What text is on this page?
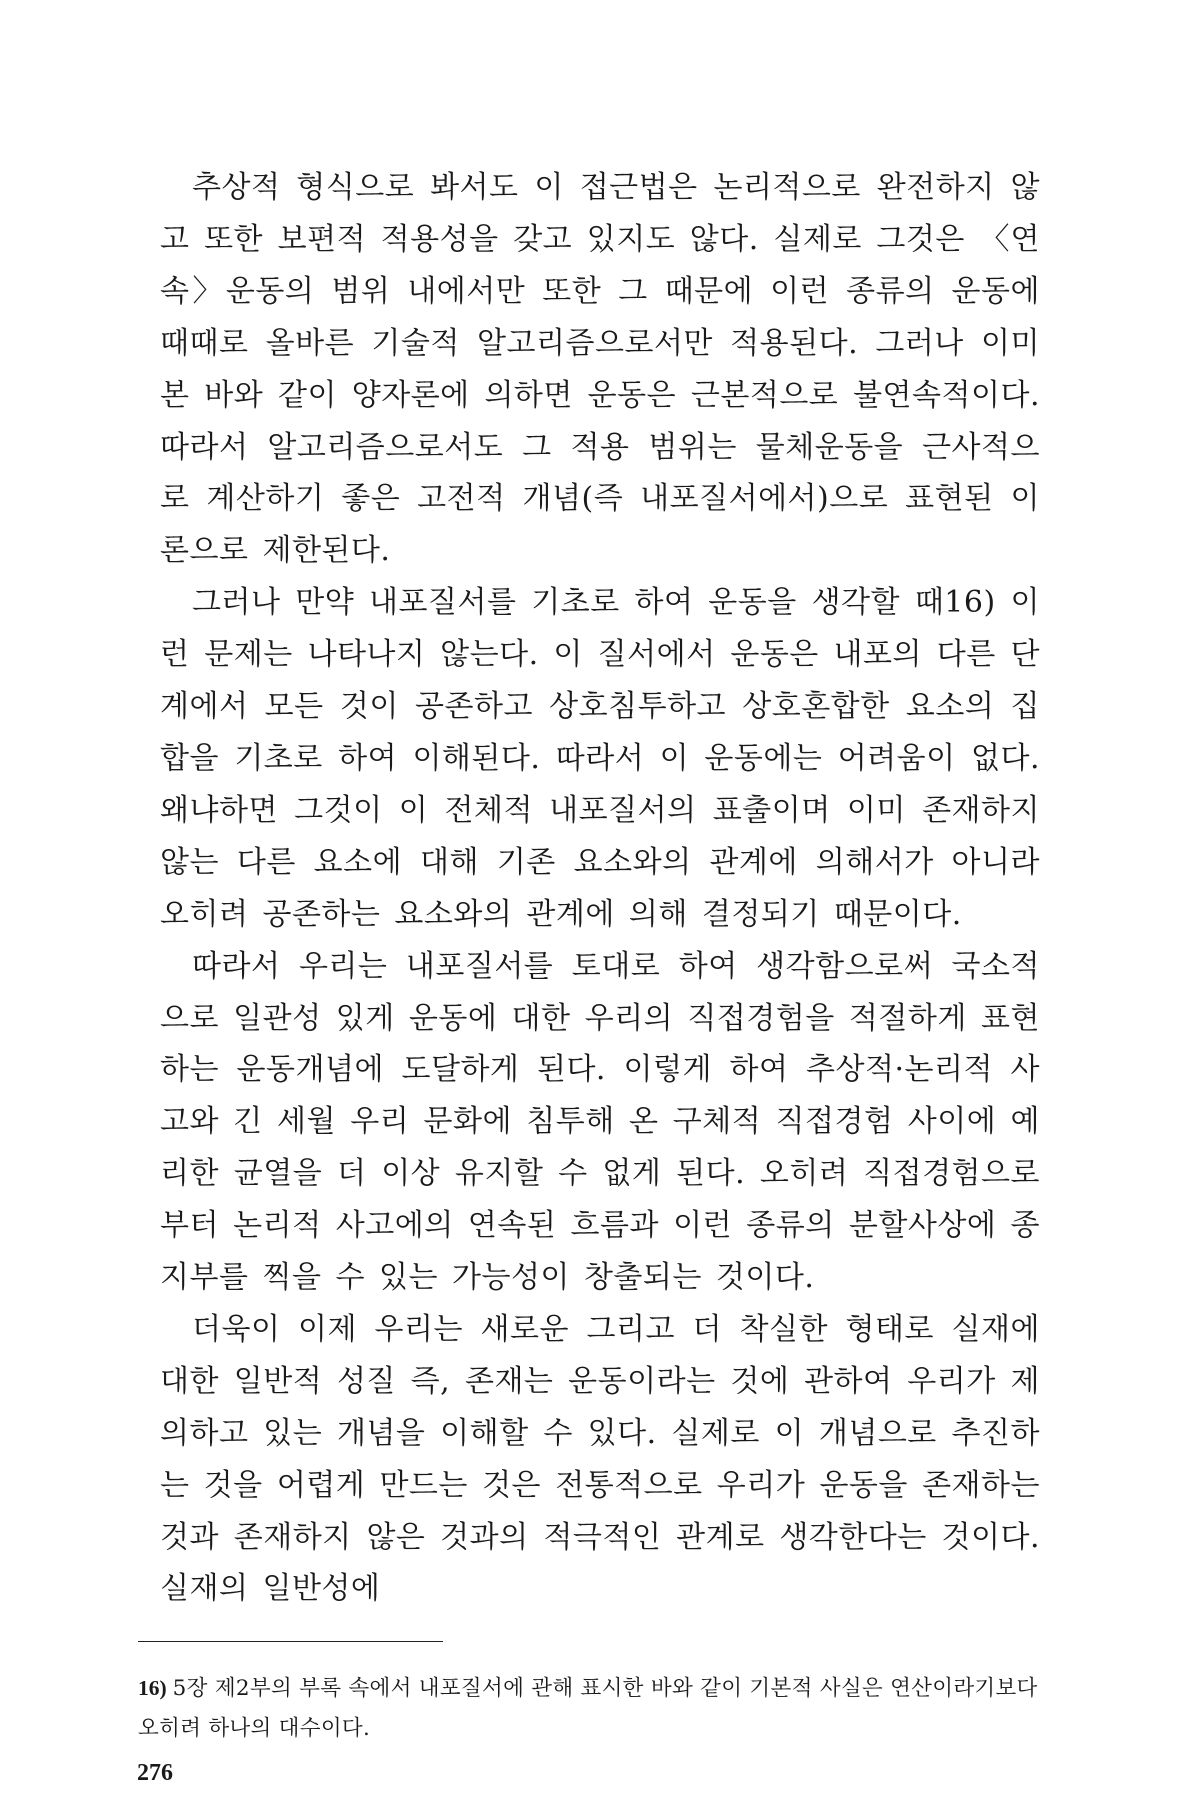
추상적 형식으로 봐서도 이 접근법은 논리적으로 완전하지 않고 또한 보편적 적용성을 갖고 있지도 않다. 실제로 그것은 〈연속〉운동의 범위 내에서만 또한 그 때문에 이런 종류의 운동에 때때로 올바른 기술적 알고리즘으로서만 적용된다. 그러나 이미 본 바와 같이 양자론에 의하면 운동은 근본적으로 불연속적이다. 따라서 알고리즘으로서도 그 적용 범위는 물체운동을 근사적으로 계산하기 좋은 고전적 개념(즉 내포질서에서)으로 표현된 이론으로 제한된다.

그러나 만약 내포질서를 기초로 하여 운동을 생각할 때16) 이런 문제는 나타나지 않는다. 이 질서에서 운동은 내포의 다른 단계에서 모든 것이 공존하고 상호침투하고 상호혼합한 요소의 집합을 기초로 하여 이해된다. 따라서 이 운동에는 어려움이 없다. 왜냐하면 그것이 이 전체적 내포질서의 표출이며 이미 존재하지 않는 다른 요소에 대해 기존 요소와의 관계에 의해서가 아니라 오히려 공존하는 요소와의 관계에 의해 결정되기 때문이다.

따라서 우리는 내포질서를 토대로 하여 생각함으로써 국소적으로 일관성 있게 운동에 대한 우리의 직접경험을 적절하게 표현하는 운동개념에 도달하게 된다. 이렇게 하여 추상적·논리적 사고와 긴 세월 우리 문화에 침투해 온 구체적 직접경험 사이에 예리한 균열을 더 이상 유지할 수 없게 된다. 오히려 직접경험으로부터 논리적 사고에의 연속된 흐름과 이런 종류의 분할사상에 종지부를 찍을 수 있는 가능성이 창출되는 것이다.

더욱이 이제 우리는 새로운 그리고 더 착실한 형태로 실재에 대한 일반적 성질 즉, 존재는 운동이라는 것에 관하여 우리가 제의하고 있는 개념을 이해할 수 있다. 실제로 이 개념으로 추진하는 것을 어렵게 만드는 것은 전통적으로 우리가 운동을 존재하는 것과 존재하지 않은 것과의 적극적인 관계로 생각한다는 것이다. 실재의 일반성에

16) 5장 제2부의 부록 속에서 내포질서에 관해 표시한 바와 같이 기본적 사실은 연산이라기보다 오히려 하나의 대수이다.

276
